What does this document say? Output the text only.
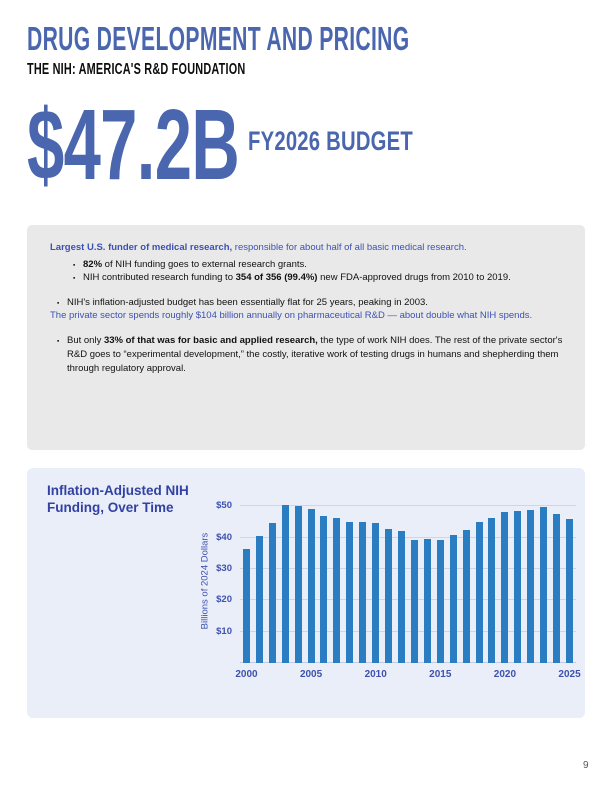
DRUG DEVELOPMENT AND PRICING
THE NIH: AMERICA'S R&D FOUNDATION
$47.2B FY2026 BUDGET

Largest U.S. funder of medical research, responsible for about half of all basic medical research.

▪ 82% of NIH funding goes to external research grants.
▪ NIH contributed research funding to 354 of 356 (99.4%) new FDA-approved drugs from 2010 to 2019.
▪ NIH's inflation-adjusted budget has been essentially flat for 25 years, peaking in 2003.

The private sector spends roughly $104 billion annually on pharmaceutical R&D — about double what NIH spends.

▪ But only 33% of that was for basic and applied research, the type of work NIH does. The rest of the private sector's R&D goes to “experimental development,” the costly, iterative work of testing drugs in humans and shepherding them through regulatory approval.
Inflation-Adjusted NIH Funding, Over Time
Billions of 2024 Dollars
$10
$20
$30
$40
$50
2000	2005	2010	2015	2020	2025
9
